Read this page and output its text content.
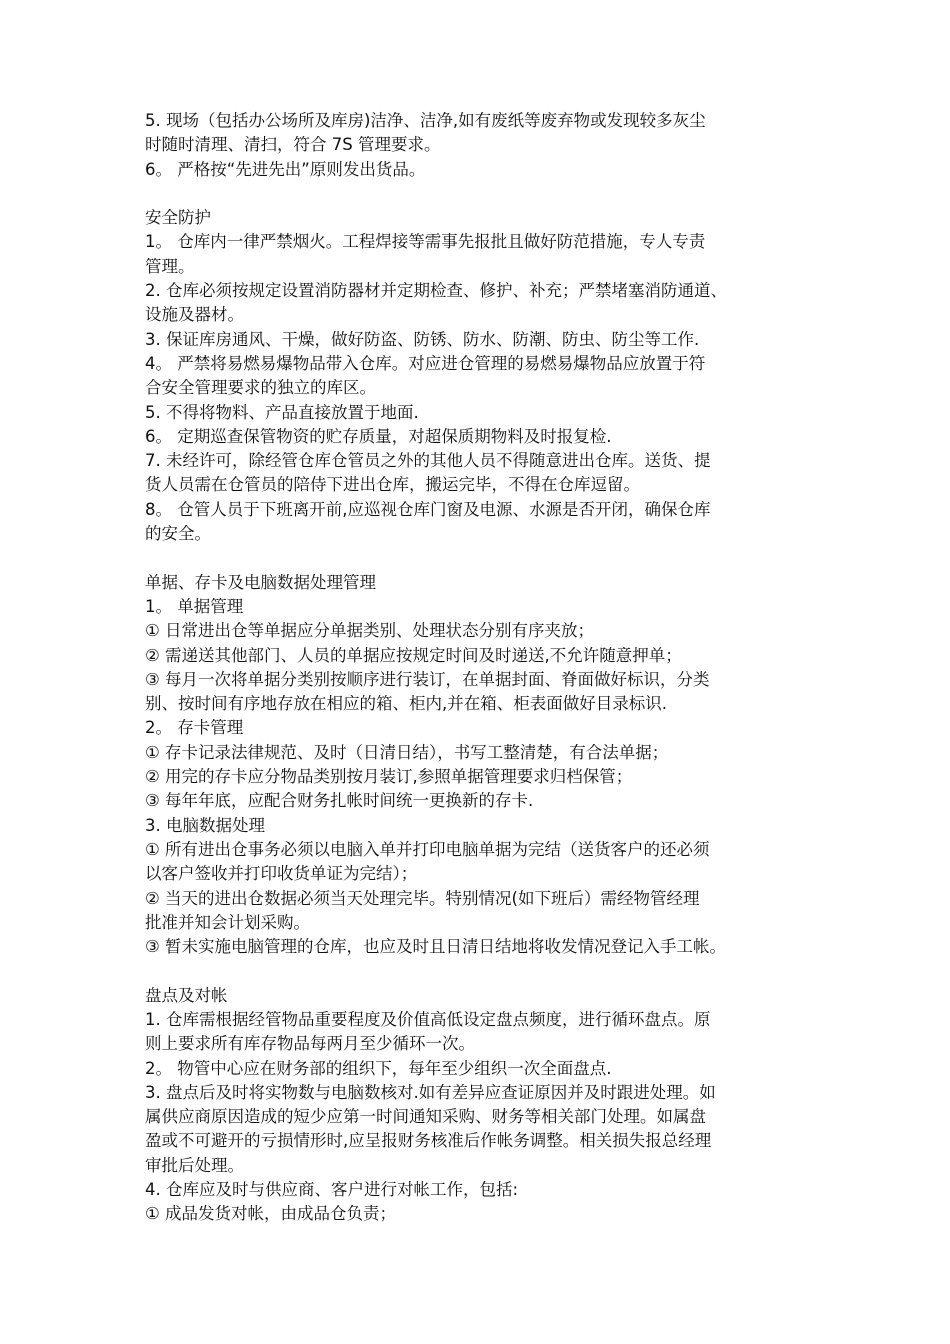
5. 现场（包括办公场所及库房)洁净、洁净,如有废纸等废弃物或发现较多灰尘
时随时清理、清扫，符合 7S 管理要求。
6。 严格按“先进先出”原则发出货品。
安全防护
1。 仓库内一律严禁烟火。工程焊接等需事先报批且做好防范措施，专人专责
管理。
2. 仓库必须按规定设置消防器材并定期检查、修护、补充；严禁堵塞消防通道、
设施及器材。
3. 保证库房通风、干燥，做好防盗、防锈、防水、防潮、防虫、防尘等工作.
4。 严禁将易燃易爆物品带入仓库。对应进仓管理的易燃易爆物品应放置于符
合安全管理要求的独立的库区。
5. 不得将物料、产品直接放置于地面.
6。 定期巡查保管物资的贮存质量，对超保质期物料及时报复检.
7. 未经许可，除经管仓库仓管员之外的其他人员不得随意进出仓库。送货、提
货人员需在仓管员的陪侍下进出仓库，搬运完毕，不得在仓库逗留。
8。 仓管人员于下班离开前,应巡视仓库门窗及电源、水源是否开闭，确保仓库
的安全。
单据、存卡及电脑数据处理管理
1。 单据管理
① 日常进出仓等单据应分单据类别、处理状态分别有序夹放；
② 需递送其他部门、人员的单据应按规定时间及时递送,不允许随意押单；
③ 每月一次将单据分类别按顺序进行装订，在单据封面、脊面做好标识，分类
别、按时间有序地存放在相应的箱、柜内,并在箱、柜表面做好目录标识.
2。 存卡管理
① 存卡记录法律规范、及时（日清日结），书写工整清楚，有合法单据；
② 用完的存卡应分物品类别按月装订,参照单据管理要求归档保管；
③ 每年年底，应配合财务扎帐时间统一更换新的存卡.
3. 电脑数据处理
① 所有进出仓事务必须以电脑入单并打印电脑单据为完结（送货客户的还必须
以客户签收并打印收货单证为完结）；
② 当天的进出仓数据必须当天处理完毕。特别情况(如下班后）需经物管经理
批准并知会计划采购。
③ 暂未实施电脑管理的仓库，也应及时且日清日结地将收发情况登记入手工帐。
盘点及对帐
1. 仓库需根据经管物品重要程度及价值高低设定盘点频度，进行循环盘点。原
则上要求所有库存物品每两月至少循环一次。
2。 物管中心应在财务部的组织下，每年至少组织一次全面盘点.
3. 盘点后及时将实物数与电脑数核对.如有差异应查证原因并及时跟进处理。如
属供应商原因造成的短少应第一时间通知采购、财务等相关部门处理。如属盘
盈或不可避开的亏损情形时,应呈报财务核准后作帐务调整。相关损失报总经理
审批后处理。
4. 仓库应及时与供应商、客户进行对帐工作，包括:
① 成品发货对帐，由成品仓负责；
